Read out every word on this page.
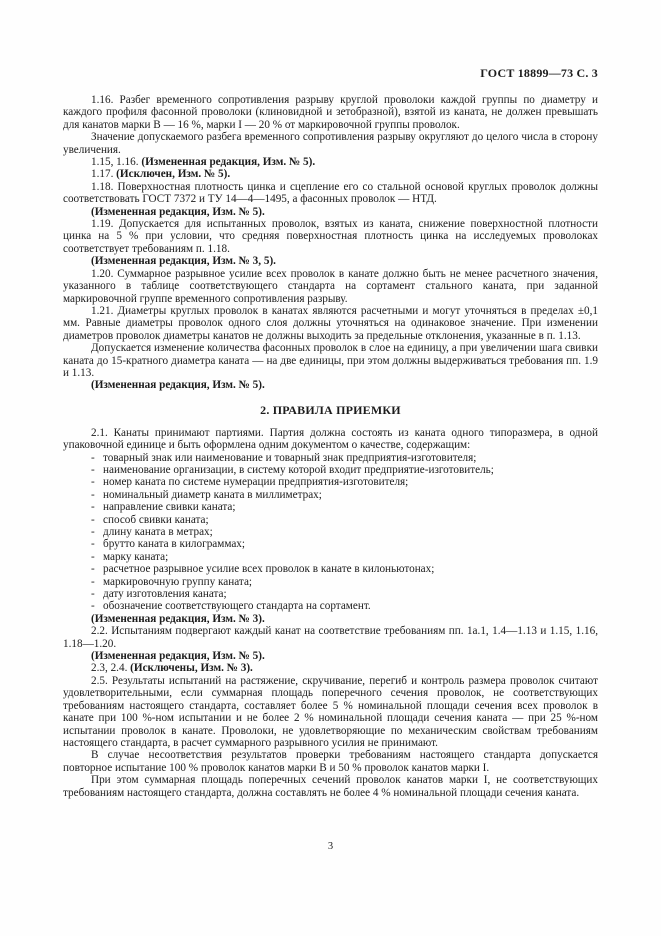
ГОСТ 18899—73 С. 3

1.16. Разбег временного сопротивления разрыву круглой проволоки каждой группы по диаметру и каждого профиля фасонной проволоки (клиновидной и зетобразной), взятой из каната, не должен превышать для канатов марки В — 16 %, марки I — 20 % от маркировочной группы проволок.

Значение допускаемого разбега временного сопротивления разрыву округляют до целого числа в сторону увеличения.

1.15, 1.16. (Измененная редакция, Изм. № 5).

1.17. (Исключен, Изм. № 5).

1.18. Поверхностная плотность цинка и сцепление его со стальной основой круглых проволок должны соответствовать ГОСТ 7372 и ТУ 14—4—1495, а фасонных проволок — НТД.

(Измененная редакция, Изм. № 5).

1.19. Допускается для испытанных проволок, взятых из каната, снижение поверхностной плотности цинка на 5 % при условии, что средняя поверхностная плотность цинка на исследуемых проволоках соответствует требованиям п. 1.18.

(Измененная редакция, Изм. № 3, 5).

1.20. Суммарное разрывное усилие всех проволок в канате должно быть не менее расчетного значения, указанного в таблице соответствующего стандарта на сортамент стального каната, при заданной маркировочной группе временного сопротивления разрыву.

1.21. Диаметры круглых проволок в канатах являются расчетными и могут уточняться в пределах ±0,1 мм. Равные диаметры проволок одного слоя должны уточняться на одинаковое значение. При изменении диаметров проволок диаметры канатов не должны выходить за предельные отклонения, указанные в п. 1.13.

Допускается изменение количества фасонных проволок в слое на единицу, а при увеличении шага свивки каната до 15-кратного диаметра каната — на две единицы, при этом должны выдерживаться требования пп. 1.9 и 1.13.

(Измененная редакция, Изм. № 5).

2. ПРАВИЛА ПРИЕМКИ

2.1. Канаты принимают партиями. Партия должна состоять из каната одного типоразмера, в одной упаковочной единице и быть оформлена одним документом о качестве, содержащим:

- товарный знак или наименование и товарный знак предприятия-изготовителя;
- наименование организации, в систему которой входит предприятие-изготовитель;
- номер каната по системе нумерации предприятия-изготовителя;
- номинальный диаметр каната в миллиметрах;
- направление свивки каната;
- способ свивки каната;
- длину каната в метрах;
- брутто каната в килограммах;
- марку каната;
- расчетное разрывное усилие всех проволок в канате в килоньютонах;
- маркировочную группу каната;
- дату изготовления каната;
- обозначение соответствующего стандарта на сортамент.

(Измененная редакция, Изм. № 3).

2.2. Испытаниям подвергают каждый канат на соответствие требованиям пп. 1а.1, 1.4—1.13 и 1.15, 1.16, 1.18—1.20.

(Измененная редакция, Изм. № 5).

2.3, 2.4. (Исключены, Изм. № 3).

2.5. Результаты испытаний на растяжение, скручивание, перегиб и контроль размера проволок считают удовлетворительными, если суммарная площадь поперечного сечения проволок, не соответствующих требованиям настоящего стандарта, составляет более 5 % номинальной площади сечения всех проволок в канате при 100 %-ном испытании и не более 2 % номинальной площади сечения каната — при 25 %-ном испытании проволок в канате. Проволоки, не удовлетворяющие по механическим свойствам требованиям настоящего стандарта, в расчет суммарного разрывного усилия не принимают.

В случае несоответствия результатов проверки требованиям настоящего стандарта допускается повторное испытание 100 % проволок канатов марки В и 50 % проволок канатов марки I.

При этом суммарная площадь поперечных сечений проволок канатов марки I, не соответствующих требованиям настоящего стандарта, должна составлять не более 4 % номинальной площади сечения каната.

3
